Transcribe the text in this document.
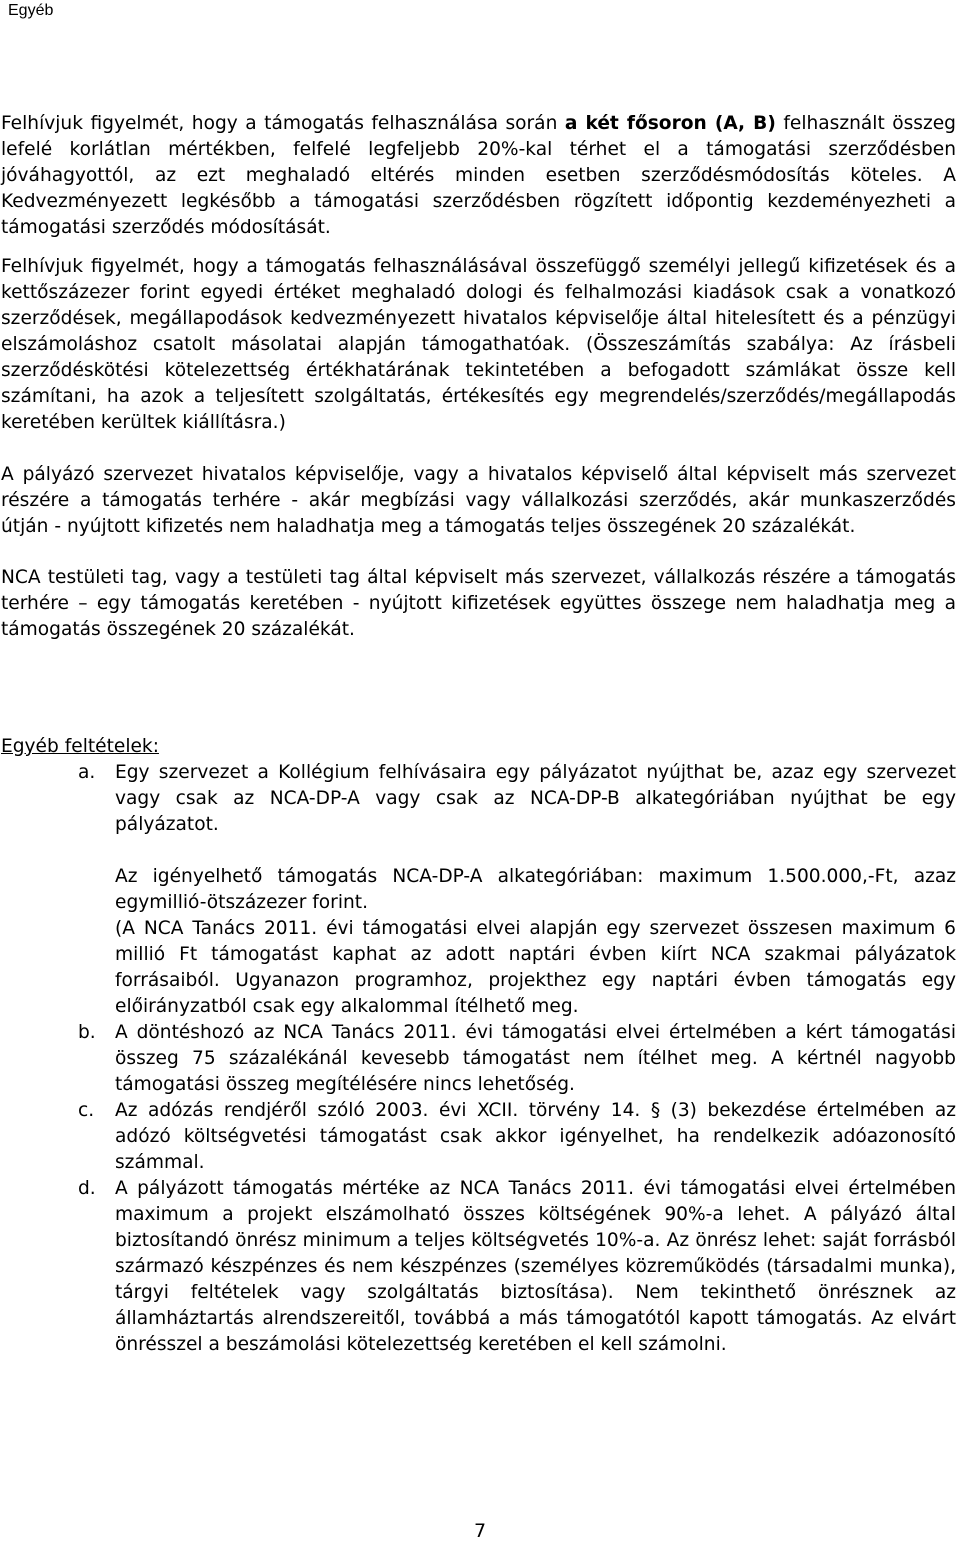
Egyéb

Felhívjuk figyelmét, hogy a támogatás felhasználása során a két fősoron (A, B) felhasznált összeg lefelé korlátlan mértékben, felfelé legfeljebb 20%-kal térhet el a támogatási szerződésben jóváhagyottól, az ezt meghaladó eltérés minden esetben szerződésmódosítás köteles. A Kedvezményezett legkésőbb a támogatási szerződésben rögzített időpontig kezdeményezheti a támogatási szerződés módosítását.

Felhívjuk figyelmét, hogy a támogatás felhasználásával összefüggő személyi jellegű kifizetések és a kettőszázezer forint egyedi értéket meghaladó dologi és felhalmozási kiadások csak a vonatkozó szerződések, megállapodások kedvezményezett hivatalos képviselője által hitelesített és a pénzügyi elszámoláshoz csatolt másolatai alapján támogathatóak. (Összeszámítás szabálya: Az írásbeli szerződéskötési kötelezettség értékhatárának tekintetében a befogadott számlákat össze kell számítani, ha azok a teljesített szolgáltatás, értékesítés egy megrendelés/szerződés/megállapodás keretében kerültek kiállításra.)

A pályázó szervezet hivatalos képviselője, vagy a hivatalos képviselő által képviselt más szervezet részére a támogatás terhére - akár megbízási vagy vállalkozási szerződés, akár munkaszerződés útján - nyújtott kifizetés nem haladhatja meg a támogatás teljes összegének 20 százalékát.

NCA testületi tag, vagy a testületi tag által képviselt más szervezet, vállalkozás részére a támogatás terhére – egy támogatás keretében - nyújtott kifizetések együttes összege nem haladhatja meg a támogatás összegének 20 százalékát.

Egyéb feltételek:
a. Egy szervezet a Kollégium felhívásaira egy pályázatot nyújthat be, azaz egy szervezet vagy csak az NCA-DP-A vagy csak az NCA-DP-B alkategóriában nyújthat be egy pályázatot.
Az igényelhető támogatás NCA-DP-A alkategóriában: maximum 1.500.000,-Ft, azaz egymillió-ötszázezer forint.
(A NCA Tanács 2011. évi támogatási elvei alapján egy szervezet összesen maximum 6 millió Ft támogatást kaphat az adott naptári évben kiírt NCA szakmai pályázatok forrásaiból. Ugyanazon programhoz, projekthez egy naptári évben támogatás egy előirányzatból csak egy alkalommal ítélhető meg.
b. A döntéshozó az NCA Tanács 2011. évi támogatási elvei értelmében a kért támogatási összeg 75 százalékánál kevesebb támogatást nem ítélhet meg. A kértnél nagyobb támogatási összeg megítélésére nincs lehetőség.
c. Az adózás rendjéről szóló 2003. évi XCII. törvény 14. § (3) bekezdése értelmében az adózó költségvetési támogatást csak akkor igényelhet, ha rendelkezik adóazonosító számmal.
d. A pályázott támogatás mértéke az NCA Tanács 2011. évi támogatási elvei értelmében maximum a projekt elszámolható összes költségének 90%-a lehet. A pályázó által biztosítandó önrész minimum a teljes költségvetés 10%-a. Az önrész lehet: saját forrásból származó készpénzes és nem készpénzes (személyes közreműködés (társadalmi munka), tárgyi feltételek vagy szolgáltatás biztosítása). Nem tekinthető önrésznek az államháztartás alrendszereitől, továbbá a más támogatótól kapott támogatás. Az elvárt önrésszel a beszámolási kötelezettség keretében el kell számolni.
7
